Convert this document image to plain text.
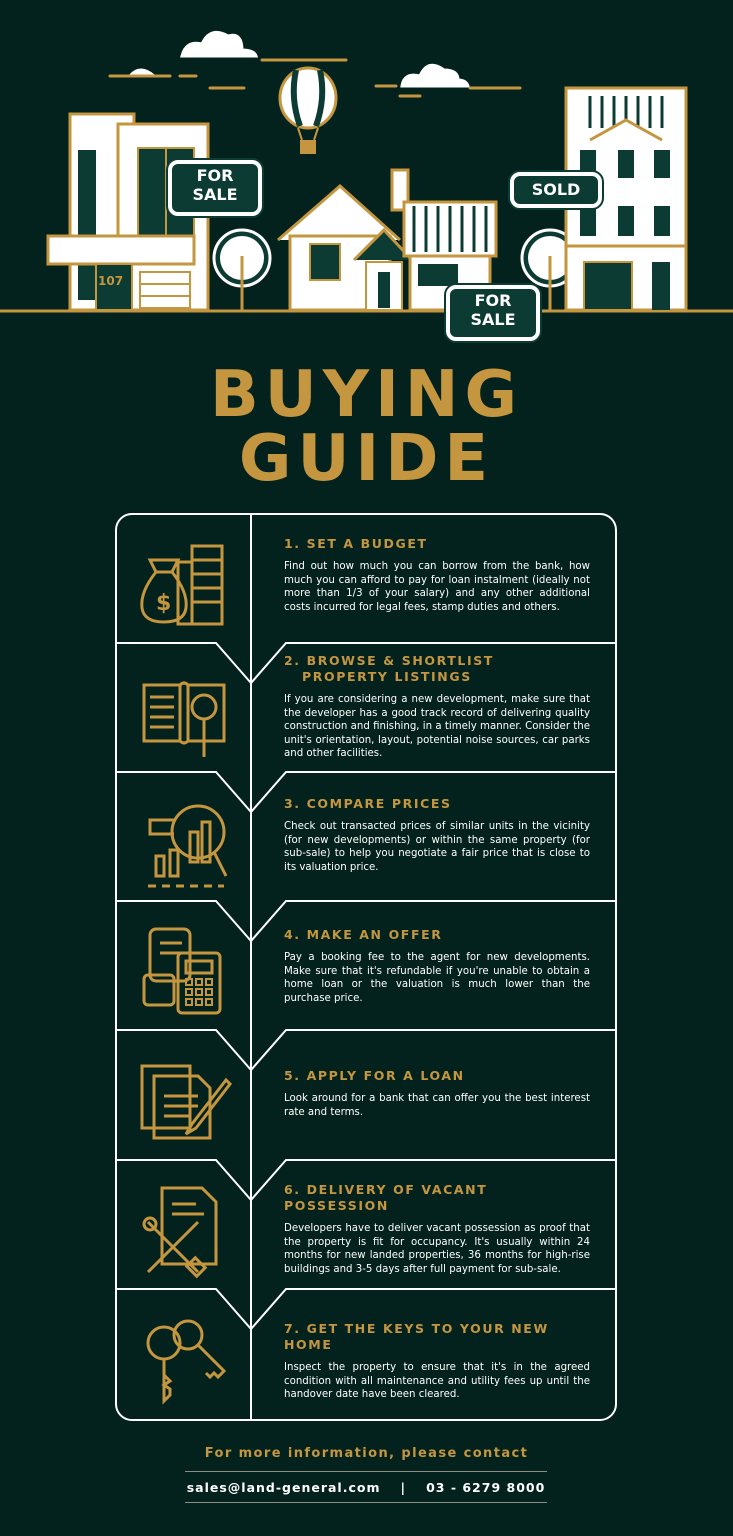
107
FOR
SALE	SOLD
FOR
SALE
BUYING
GUIDE
$

1. SET A BUDGET

Find out how much you can borrow from the bank, how much you can afford to pay for loan instalment (ideally not more than 1/3 of your salary) and any other additional costs incurred for legal fees, stamp duties and others.

2. BROWSE & SHORTLIST
PROPERTY LISTINGS

If you are considering a new development, make sure that the developer has a good track record of delivering quality construction and finishing, in a timely manner. Consider the unit's orientation, layout, potential noise sources, car parks and other facilities.

3. COMPARE PRICES

Check out transacted prices of similar units in the vicinity (for new developments) or within the same property (for sub-sale) to help you negotiate a fair price that is close to its valuation price.

4. MAKE AN OFFER

Pay a booking fee to the agent for new developments. Make sure that it's refundable if you're unable to obtain a home loan or the valuation is much lower than the purchase price.

5. APPLY FOR A LOAN

Look around for a bank that can offer you the best interest rate and terms.

6. DELIVERY OF VACANT POSSESSION

Developers have to deliver vacant possession as proof that the property is fit for occupancy. It's usually within 24 months for new landed properties, 36 months for high-rise buildings and 3-5 days after full payment for sub-sale.

7. GET THE KEYS TO YOUR NEW HOME

Inspect the property to ensure that it's in the agreed condition with all maintenance and utility fees up until the handover date have been cleared.

For more information, please contact
sales@land-general.com | 03 - 6279 8000
